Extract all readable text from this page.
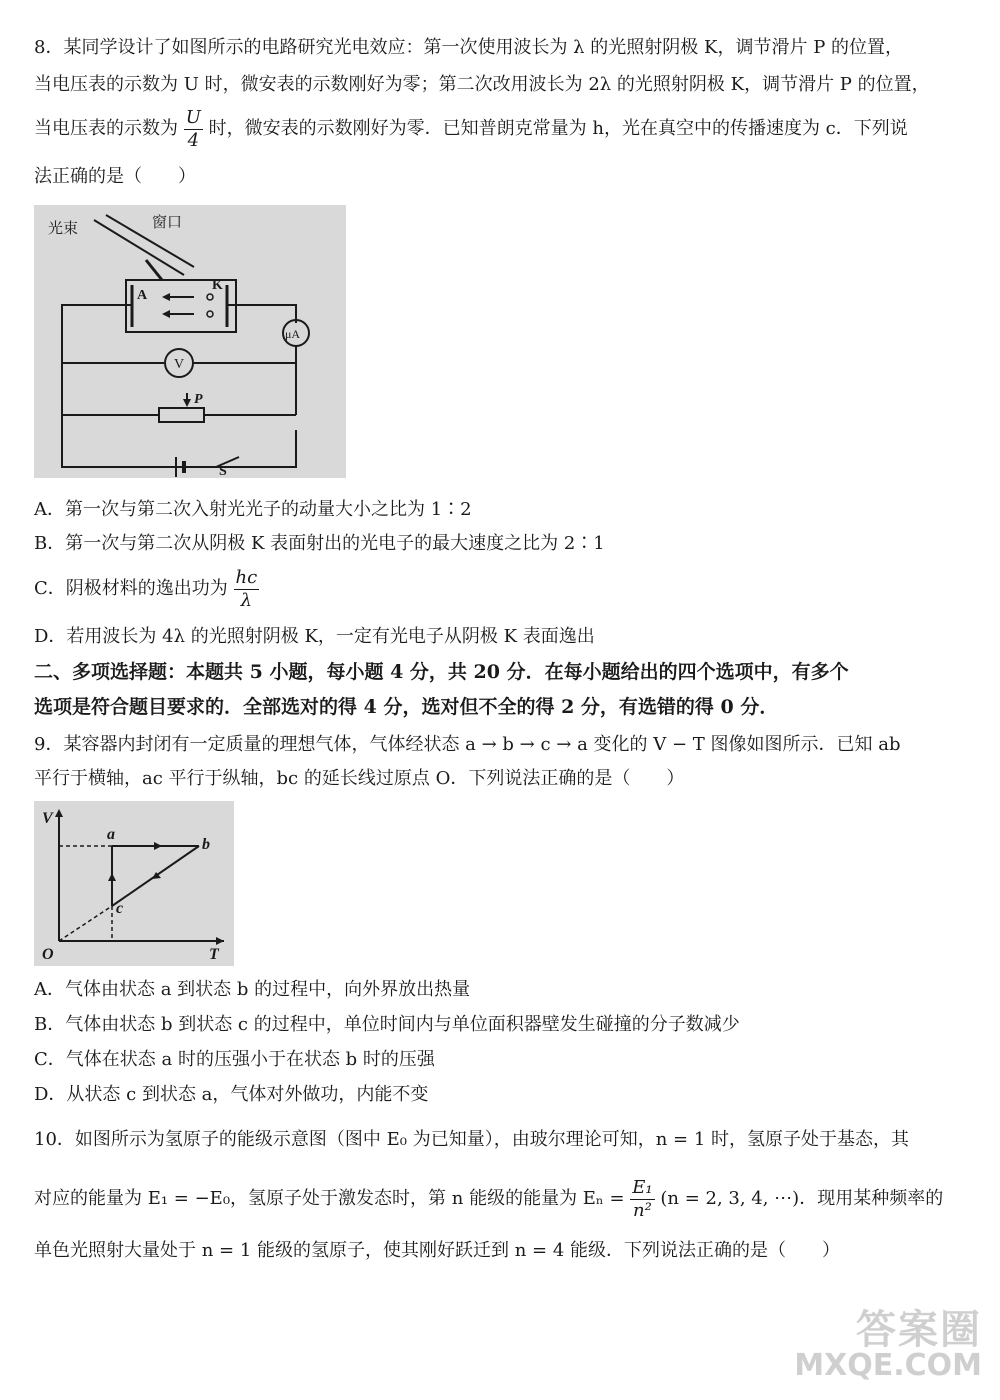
8．某同学设计了如图所示的电路研究光电效应：第一次使用波长为 λ 的光照射阴极 K，调节滑片 P 的位置，
当电压表的示数为 U 时，微安表的示数刚好为零；第二次改用波长为 2λ 的光照射阴极 K，调节滑片 P 的位置，
当电压表的示数为 $\frac{U}{4}$ 时，微安表的示数刚好为零．已知普朗克常量为 h，光在真空中的传播速度为 c．下列说
法正确的是（　　）
光束	窗口
A
K
μA
V
P
S
A．第一次与第二次入射光光子的动量大小之比为 1∶2
B．第一次与第二次从阴极 K 表面射出的光电子的最大速度之比为 2∶1
C．阴极材料的逸出功为 $\frac{hc}{\lambda}$
D．若用波长为 4λ 的光照射阴极 K，一定有光电子从阴极 K 表面逸出
二、多项选择题：本题共 5 小题，每小题 4 分，共 20 分．在每小题给出的四个选项中，有多个
选项是符合题目要求的．全部选对的得 4 分，选对但不全的得 2 分，有选错的得 0 分．
9．某容器内封闭有一定质量的理想气体，气体经状态 a → b → c → a 变化的 V − T 图像如图所示．已知 ab
平行于横轴，ac 平行于纵轴，bc 的延长线过原点 O．下列说法正确的是（　　）
V
T
O
a
b
c
A．气体由状态 a 到状态 b 的过程中，向外界放出热量
B．气体由状态 b 到状态 c 的过程中，单位时间内与单位面积器壁发生碰撞的分子数减少
C．气体在状态 a 时的压强小于在状态 b 时的压强
D．从状态 c 到状态 a，气体对外做功，内能不变
10．如图所示为氢原子的能级示意图（图中 E₀ 为已知量），由玻尔理论可知，n = 1 时，氢原子处于基态，其
对应的能量为 E₁ = −E₀，氢原子处于激发态时，第 n 能级的能量为 $E_n = \frac{\text{E₁}}{\text{n²}} (n = 2$, 3, 4, ⋯)．现用某种频率的
单色光照射大量处于 n = 1 能级的氢原子，使其刚好跃迁到 n = 4 能级．下列说法正确的是（　　）
答案圈
MXQE.COM
